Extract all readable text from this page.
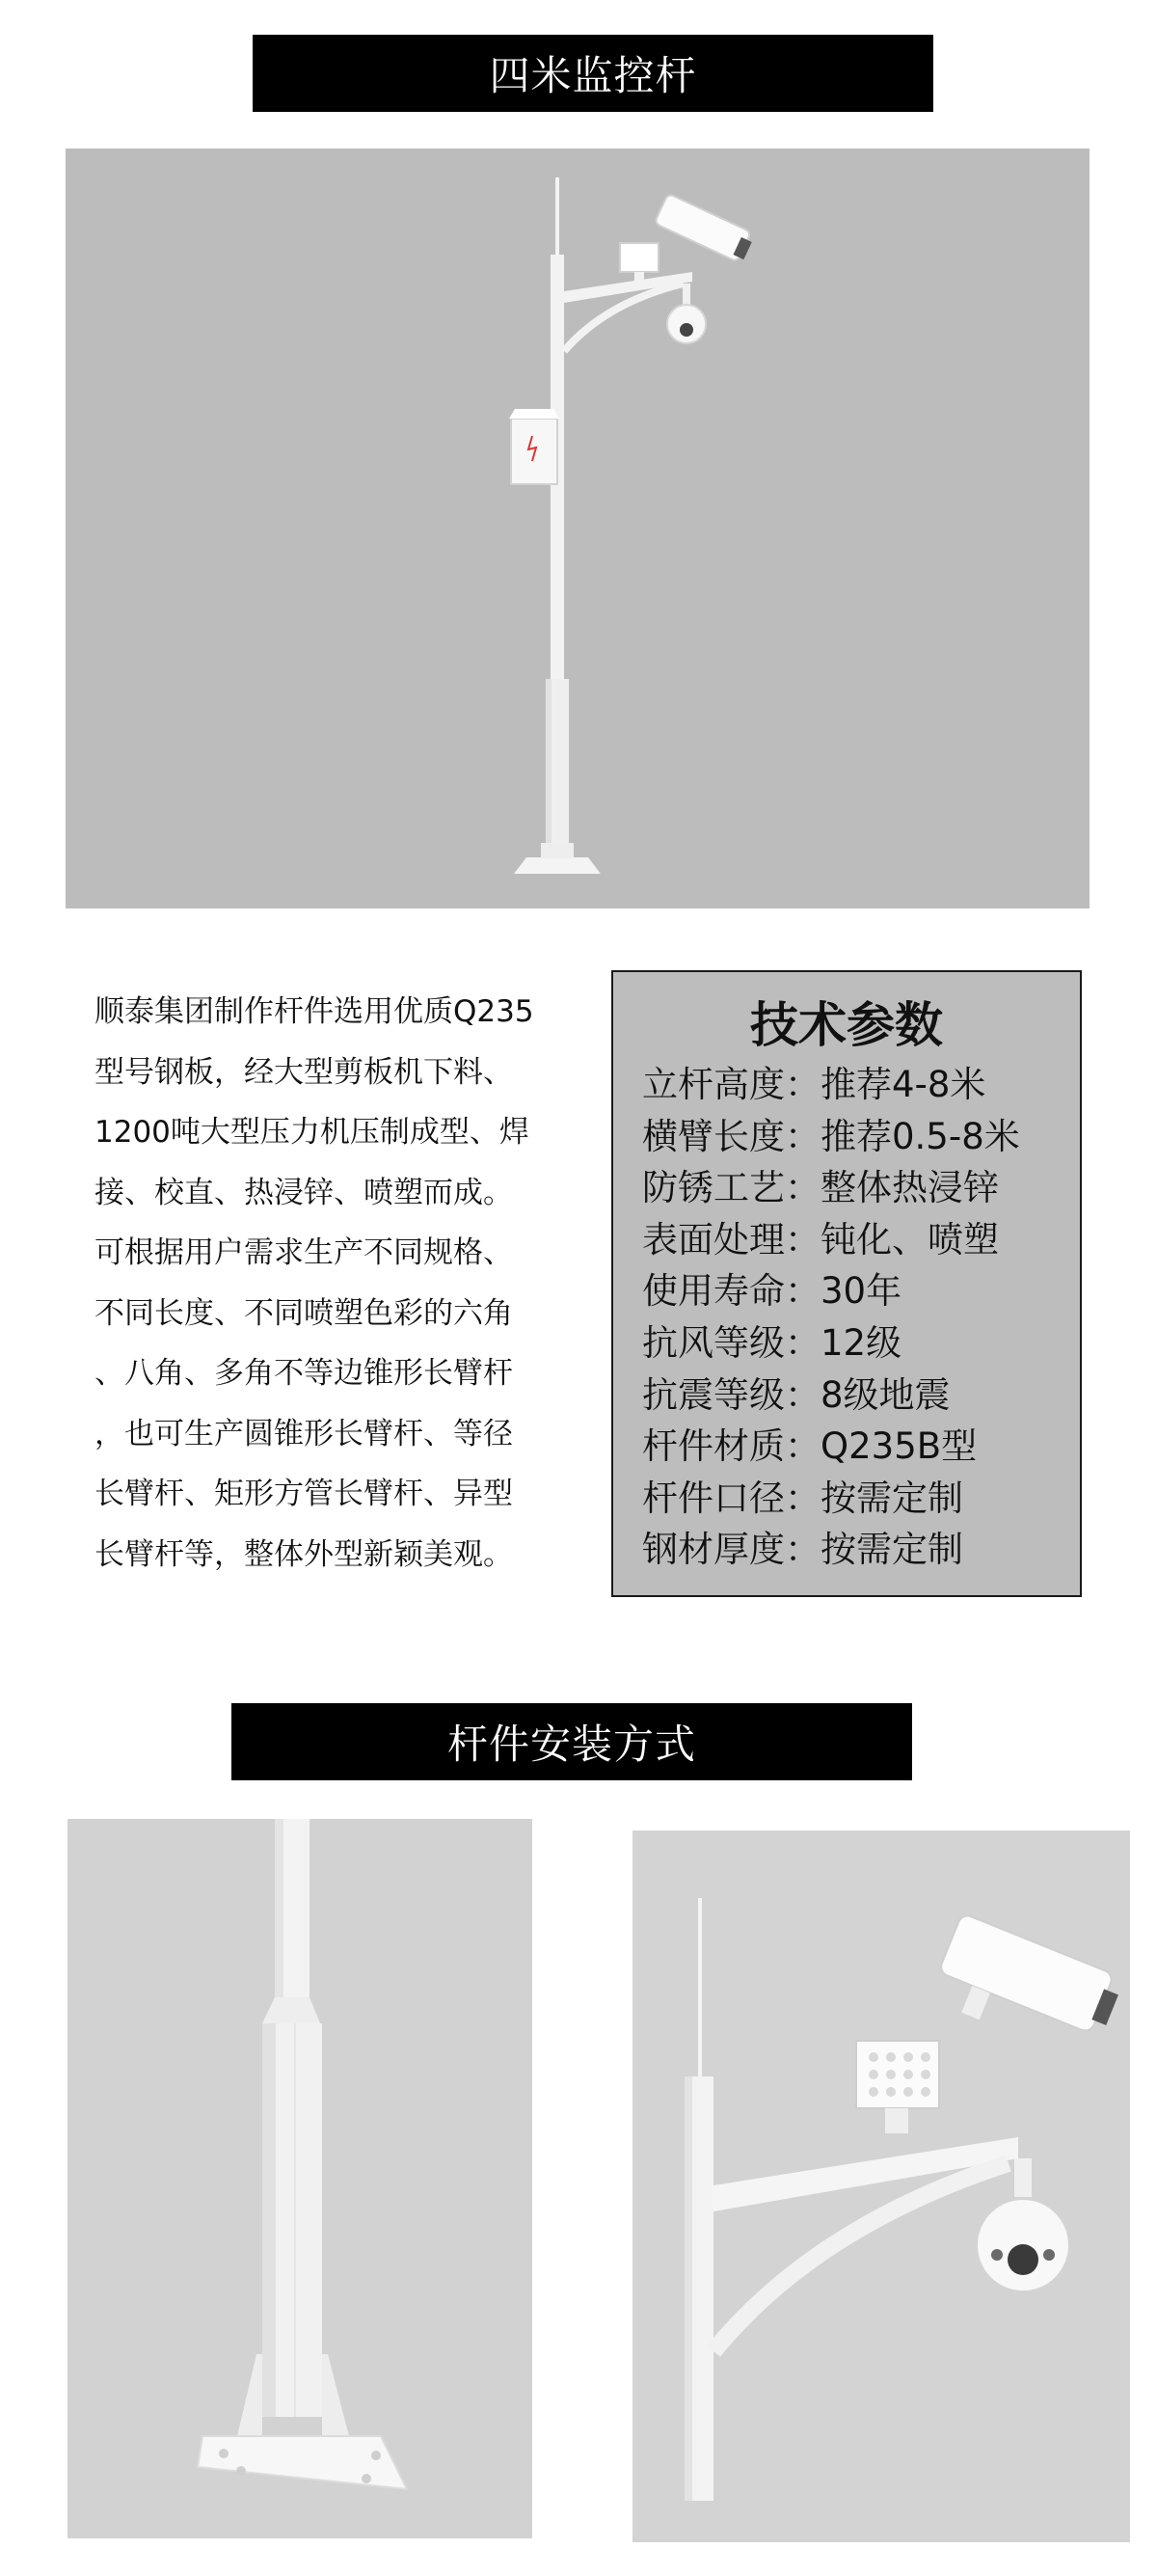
四米监控杆

顺泰集团制作杆件选用优质Q235

型号钢板，经大型剪板机下料、

1200吨大型压力机压制成型、焊

接、校直、热浸锌、喷塑而成。

可根据用户需求生产不同规格、

不同长度、不同喷塑色彩的六角

、八角、多角不等边锥形长臂杆

，也可生产圆锥形长臂杆、等径

长臂杆、矩形方管长臂杆、异型

长臂杆等，整体外型新颖美观。

技术参数
立杆高度：推荐4-8米
横臂长度：推荐0.5-8米
防锈工艺：整体热浸锌
表面处理：钝化、喷塑
使用寿命：30年
抗风等级：12级
抗震等级：8级地震
杆件材质：Q235B型
杆件口径：按需定制
钢材厚度：按需定制
杆件安装方式
